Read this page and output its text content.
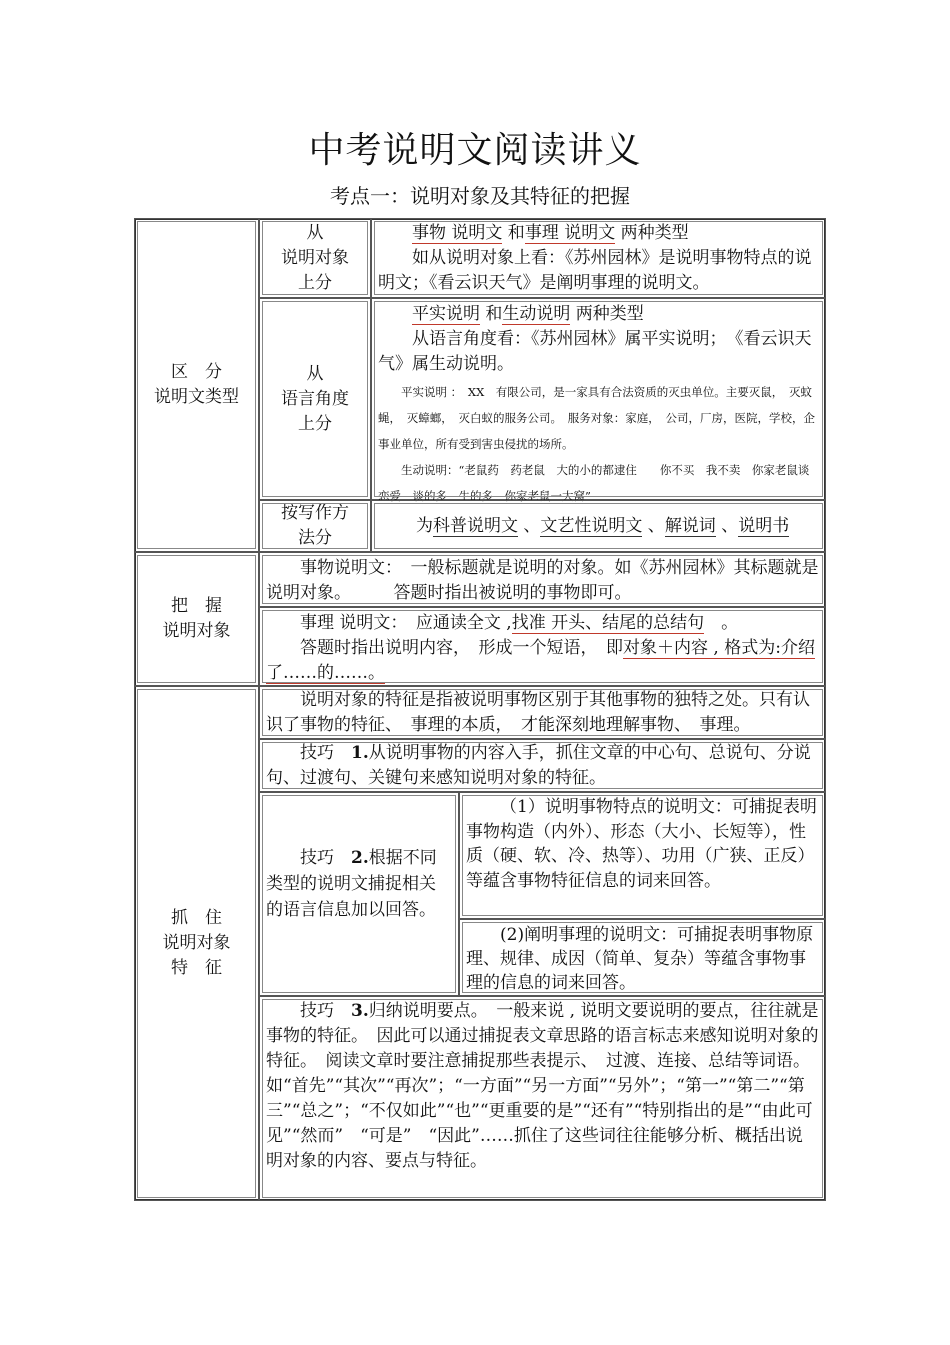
中考说明文阅读讲义
考点一：说明对象及其特征的把握
区　分
说明文类型
从
说明对象
上分

事物 说明文 和事理 说明文 两种类型

如从说明对象上看：《苏州园林》是说明事物特点的说明文；《看云识天气》是阐明事理的说明文。

从
语言角度
上分

平实说明 和生动说明 两种类型

从语言角度看：《苏州园林》属平实说明；　《看云识天气》属生动说明。

平实说明 ：　XX　有限公司，是一家具有合法资质的灭虫单位。主要灭鼠，　灭蚊蝇，　灭蟑螂，　灭白蚁的服务公司。　服务对象：家庭，　公司，厂房，医院，学校，企事业单位，所有受到害虫侵扰的场所。

生动说明：“老鼠药　药老鼠　大的小的都逮住　　你不买　我不卖　你家老鼠谈恋爱　谈的多　生的多　你家老鼠一大窝”

按写作方
法分
为科普说明文 、文艺性说明文 、解说词 、说明书
把　握
说明对象
事物说明文：　一般标题就是说明的对象。如《苏州园林》其标题就是说明对象。　　　答题时指出被说明的事物即可。

事理 说明文：　应通读全文 ,找准 开头、结尾的总结句　。

答题时指出说明内容，　形成一个短语，　即对象＋内容 , 格式为:介绍了……的……。

抓　住
说明对象
特　征
说明对象的特征是指被说明事物区别于其他事物的独特之处。只有认识了事物的特征、　事理的本质，　才能深刻地理解事物、　事理。
技巧　1.从说明事物的内容入手，抓住文章的中心句、总说句、分说句、过渡句、关键句来感知说明对象的特征。

技巧　2.根据不同类型的说明文捕捉相关的语言信息加以回答。

（1）说明事物特点的说明文：可捕捉表明事物构造（内外）、形态（大小、长短等），性质（硬、软、冷、热等）、功用（广狭、正反）等蕴含事物特征信息的词来回答。
(2)阐明事理的说明文：可捕捉表明事物原理、规律、成因（简单、复杂）等蕴含事物事理的信息的词来回答。
技巧　3.归纳说明要点。　一般来说 , 说明文要说明的要点，往往就是事物的特征。　因此可以通过捕捉表文章思路的语言标志来感知说明对象的特征。　阅读文章时要注意捕捉那些表提示、　过渡、连接、总结等词语。如“首先”“其次”“再次”；“一方面”“另一方面”“另外”；“第一”“第二”“第三”“总之”；“不仅如此”“也”“更重要的是”“还有”“特别指出的是”“由此可见”“然而”　“可是”　“因此”……抓住了这些词往往能够分析、概括出说明对象的内容、要点与特征。
